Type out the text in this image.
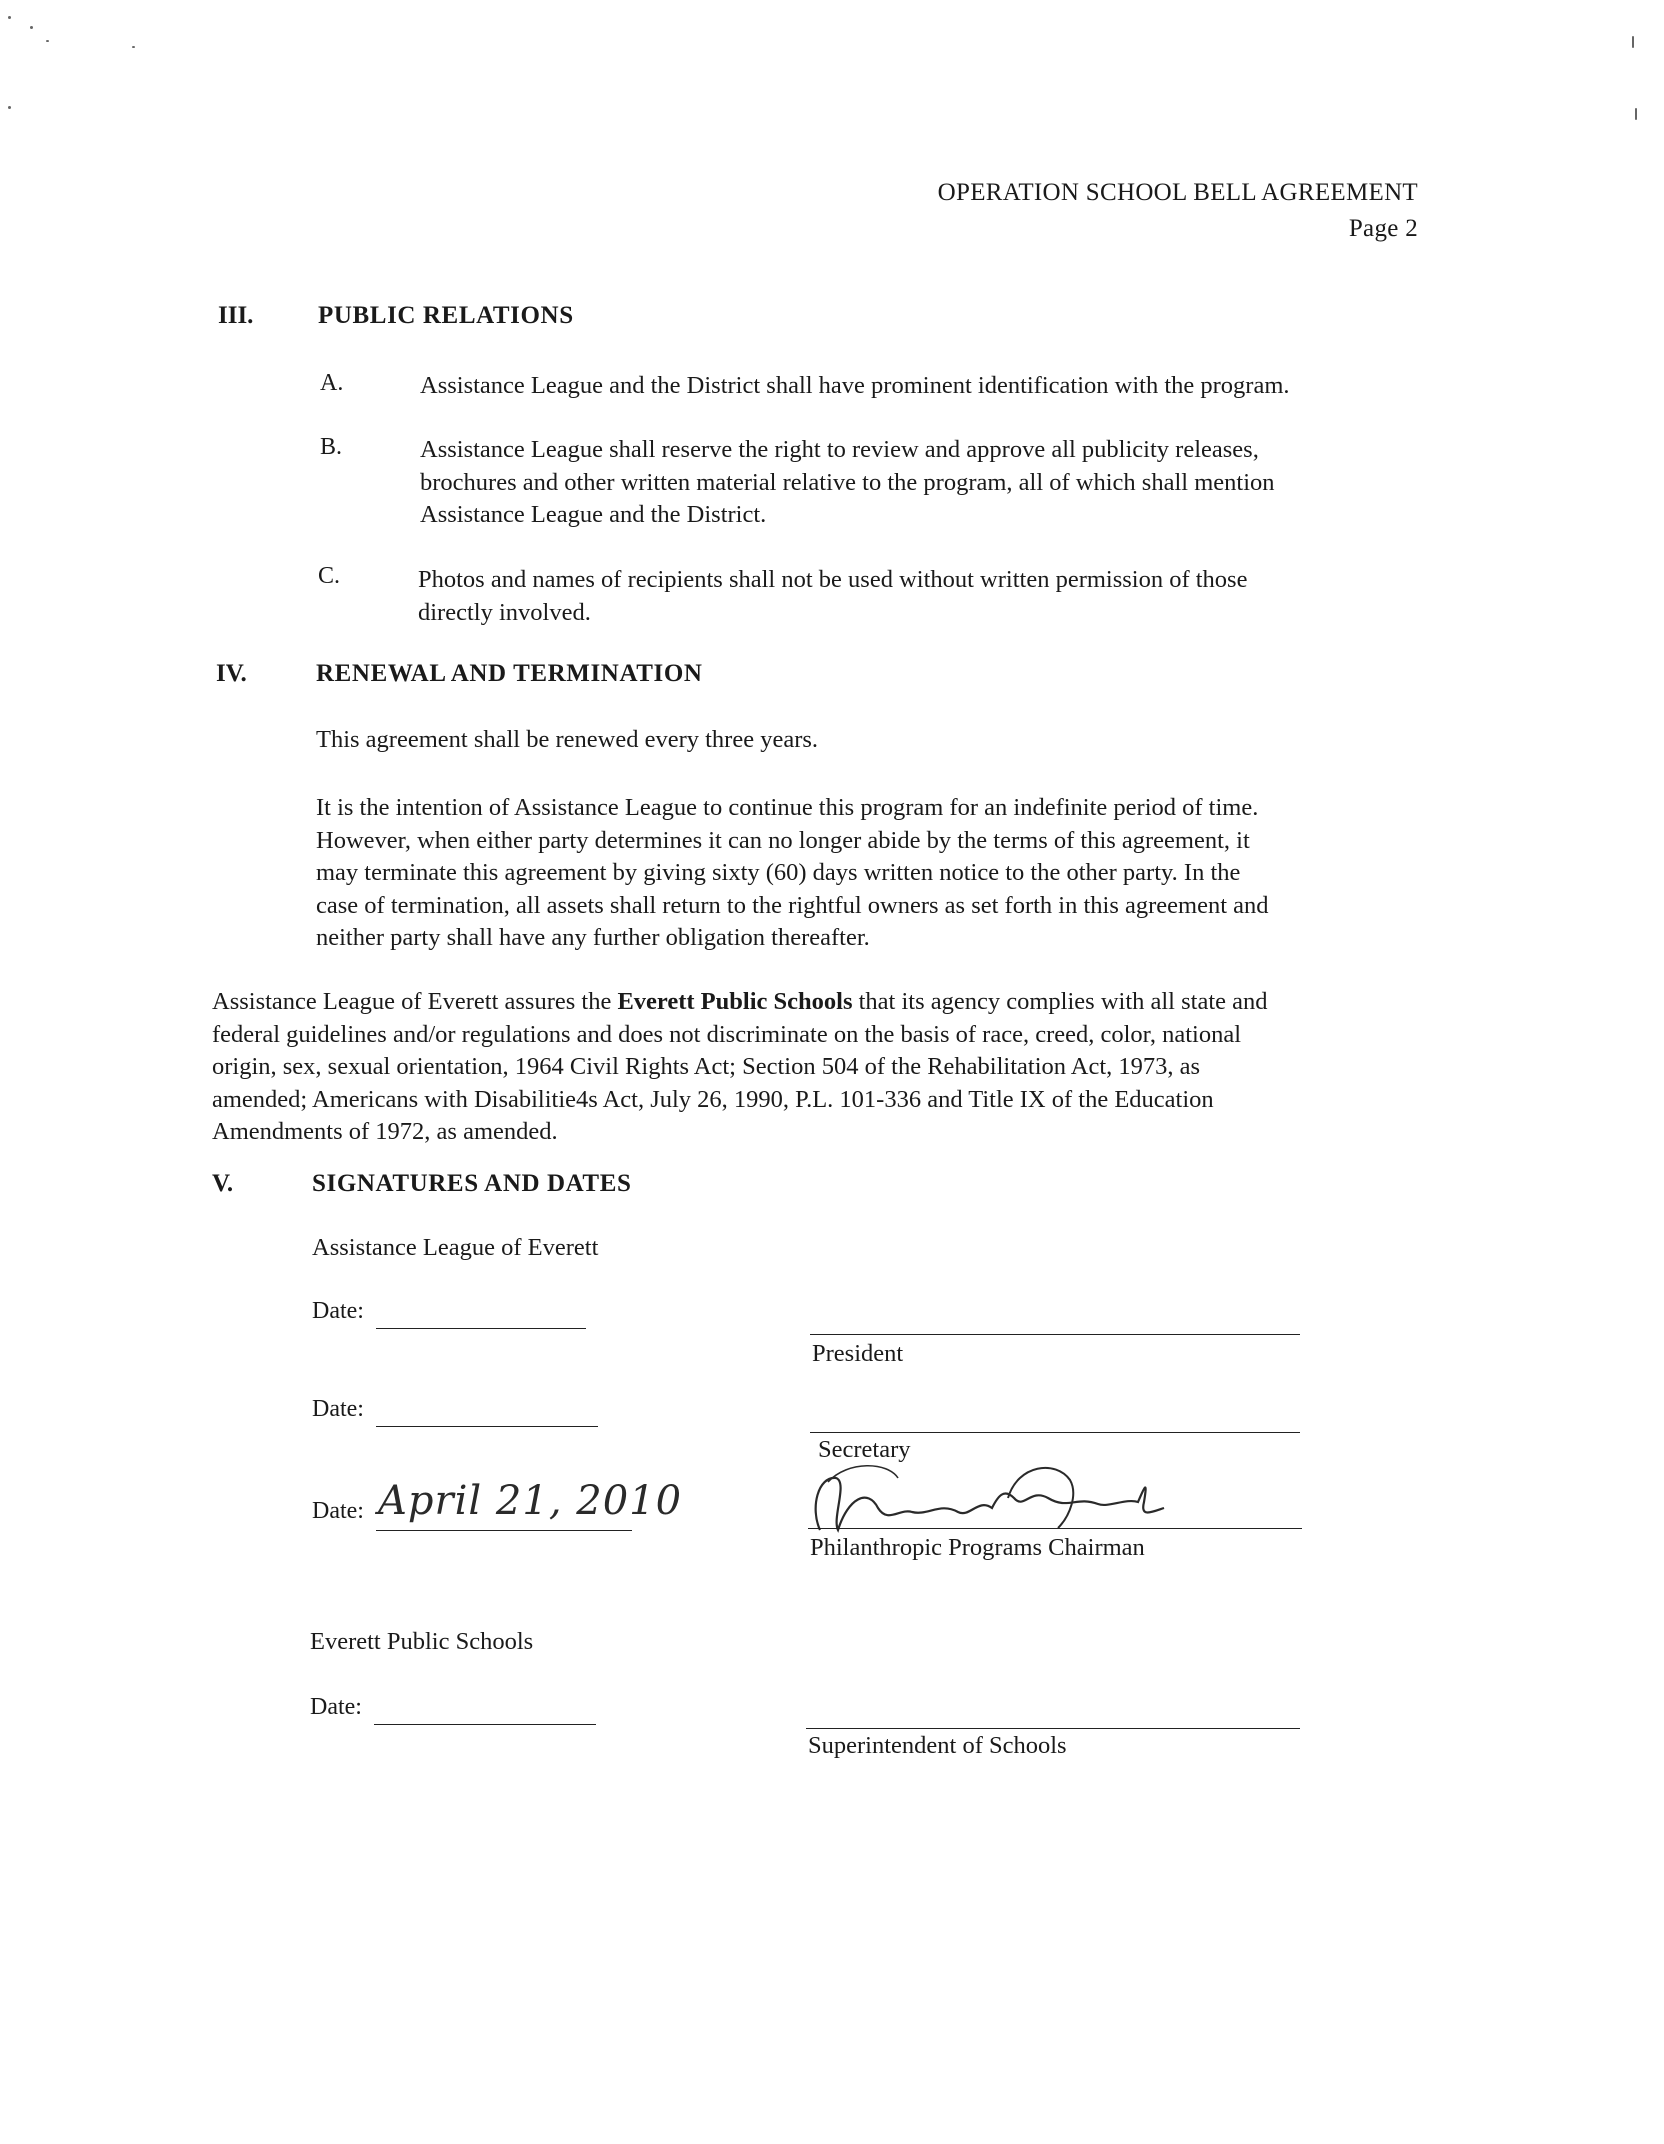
OPERATION SCHOOL BELL AGREEMENT
Page 2
III.	PUBLIC RELATIONS
A.	Assistance League and the District shall have prominent identification with the program.
B.	Assistance League shall reserve the right to review and approve all publicity releases,
brochures and other written material relative to the program, all of which shall mention
Assistance League and the District.
C.	Photos and names of recipients shall not be used without written permission of those
directly involved.
IV.	RENEWAL AND TERMINATION
This agreement shall be renewed every three years.
It is the intention of Assistance League to continue this program for an indefinite period of time.
However, when either party determines it can no longer abide by the terms of this agreement, it
may terminate this agreement by giving sixty (60) days written notice to the other party. In the
case of termination, all assets shall return to the rightful owners as set forth in this agreement and
neither party shall have any further obligation thereafter.
Assistance League of Everett assures the Everett Public Schools that its agency complies with all state and
federal guidelines and/or regulations and does not discriminate on the basis of race, creed, color, national
origin, sex, sexual orientation, 1964 Civil Rights Act; Section 504 of the Rehabilitation Act, 1973, as
amended; Americans with Disabilitie4s Act, July 26, 1990, P.L. 101-336 and Title IX of the Education
Amendments of 1972, as amended.
V.	SIGNATURES AND DATES
Assistance League of Everett
Date:
President
Date:
Secretary
Date: April 21, 2010
Philanthropic Programs Chairman
Everett Public Schools
Date:
Superintendent of Schools
